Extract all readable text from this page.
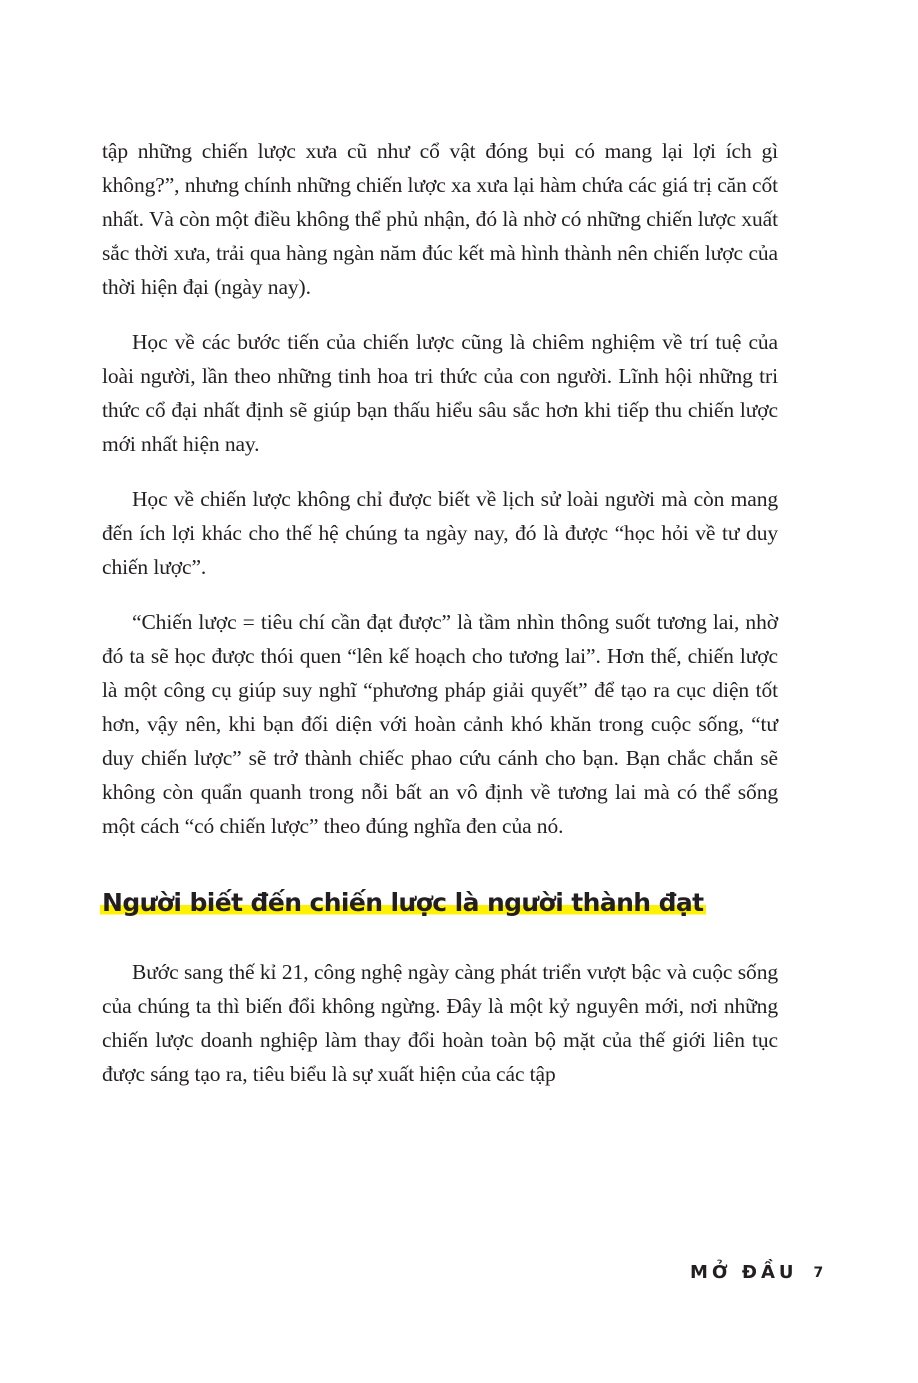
tập những chiến lược xưa cũ như cổ vật đóng bụi có mang lại lợi ích gì không?”, nhưng chính những chiến lược xa xưa lại hàm chứa các giá trị căn cốt nhất. Và còn một điều không thể phủ nhận, đó là nhờ có những chiến lược xuất sắc thời xưa, trải qua hàng ngàn năm đúc kết mà hình thành nên chiến lược của thời hiện đại (ngày nay).

Học về các bước tiến của chiến lược cũng là chiêm nghiệm về trí tuệ của loài người, lần theo những tinh hoa tri thức của con người. Lĩnh hội những tri thức cổ đại nhất định sẽ giúp bạn thấu hiểu sâu sắc hơn khi tiếp thu chiến lược mới nhất hiện nay.

Học về chiến lược không chỉ được biết về lịch sử loài người mà còn mang đến ích lợi khác cho thế hệ chúng ta ngày nay, đó là được “học hỏi về tư duy chiến lược”.

“Chiến lược = tiêu chí cần đạt được” là tầm nhìn thông suốt tương lai, nhờ đó ta sẽ học được thói quen “lên kế hoạch cho tương lai”. Hơn thế, chiến lược là một công cụ giúp suy nghĩ “phương pháp giải quyết” để tạo ra cục diện tốt hơn, vậy nên, khi bạn đối diện với hoàn cảnh khó khăn trong cuộc sống, “tư duy chiến lược” sẽ trở thành chiếc phao cứu cánh cho bạn. Bạn chắc chắn sẽ không còn quẩn quanh trong nỗi bất an vô định về tương lai mà có thể sống một cách “có chiến lược” theo đúng nghĩa đen của nó.

Người biết đến chiến lược là người thành đạt

Bước sang thế kỉ 21, công nghệ ngày càng phát triển vượt bậc và cuộc sống của chúng ta thì biến đổi không ngừng. Đây là một kỷ nguyên mới, nơi những chiến lược doanh nghiệp làm thay đổi hoàn toàn bộ mặt của thế giới liên tục được sáng tạo ra, tiêu biểu là sự xuất hiện của các tập

MỞ ĐẦU 7
